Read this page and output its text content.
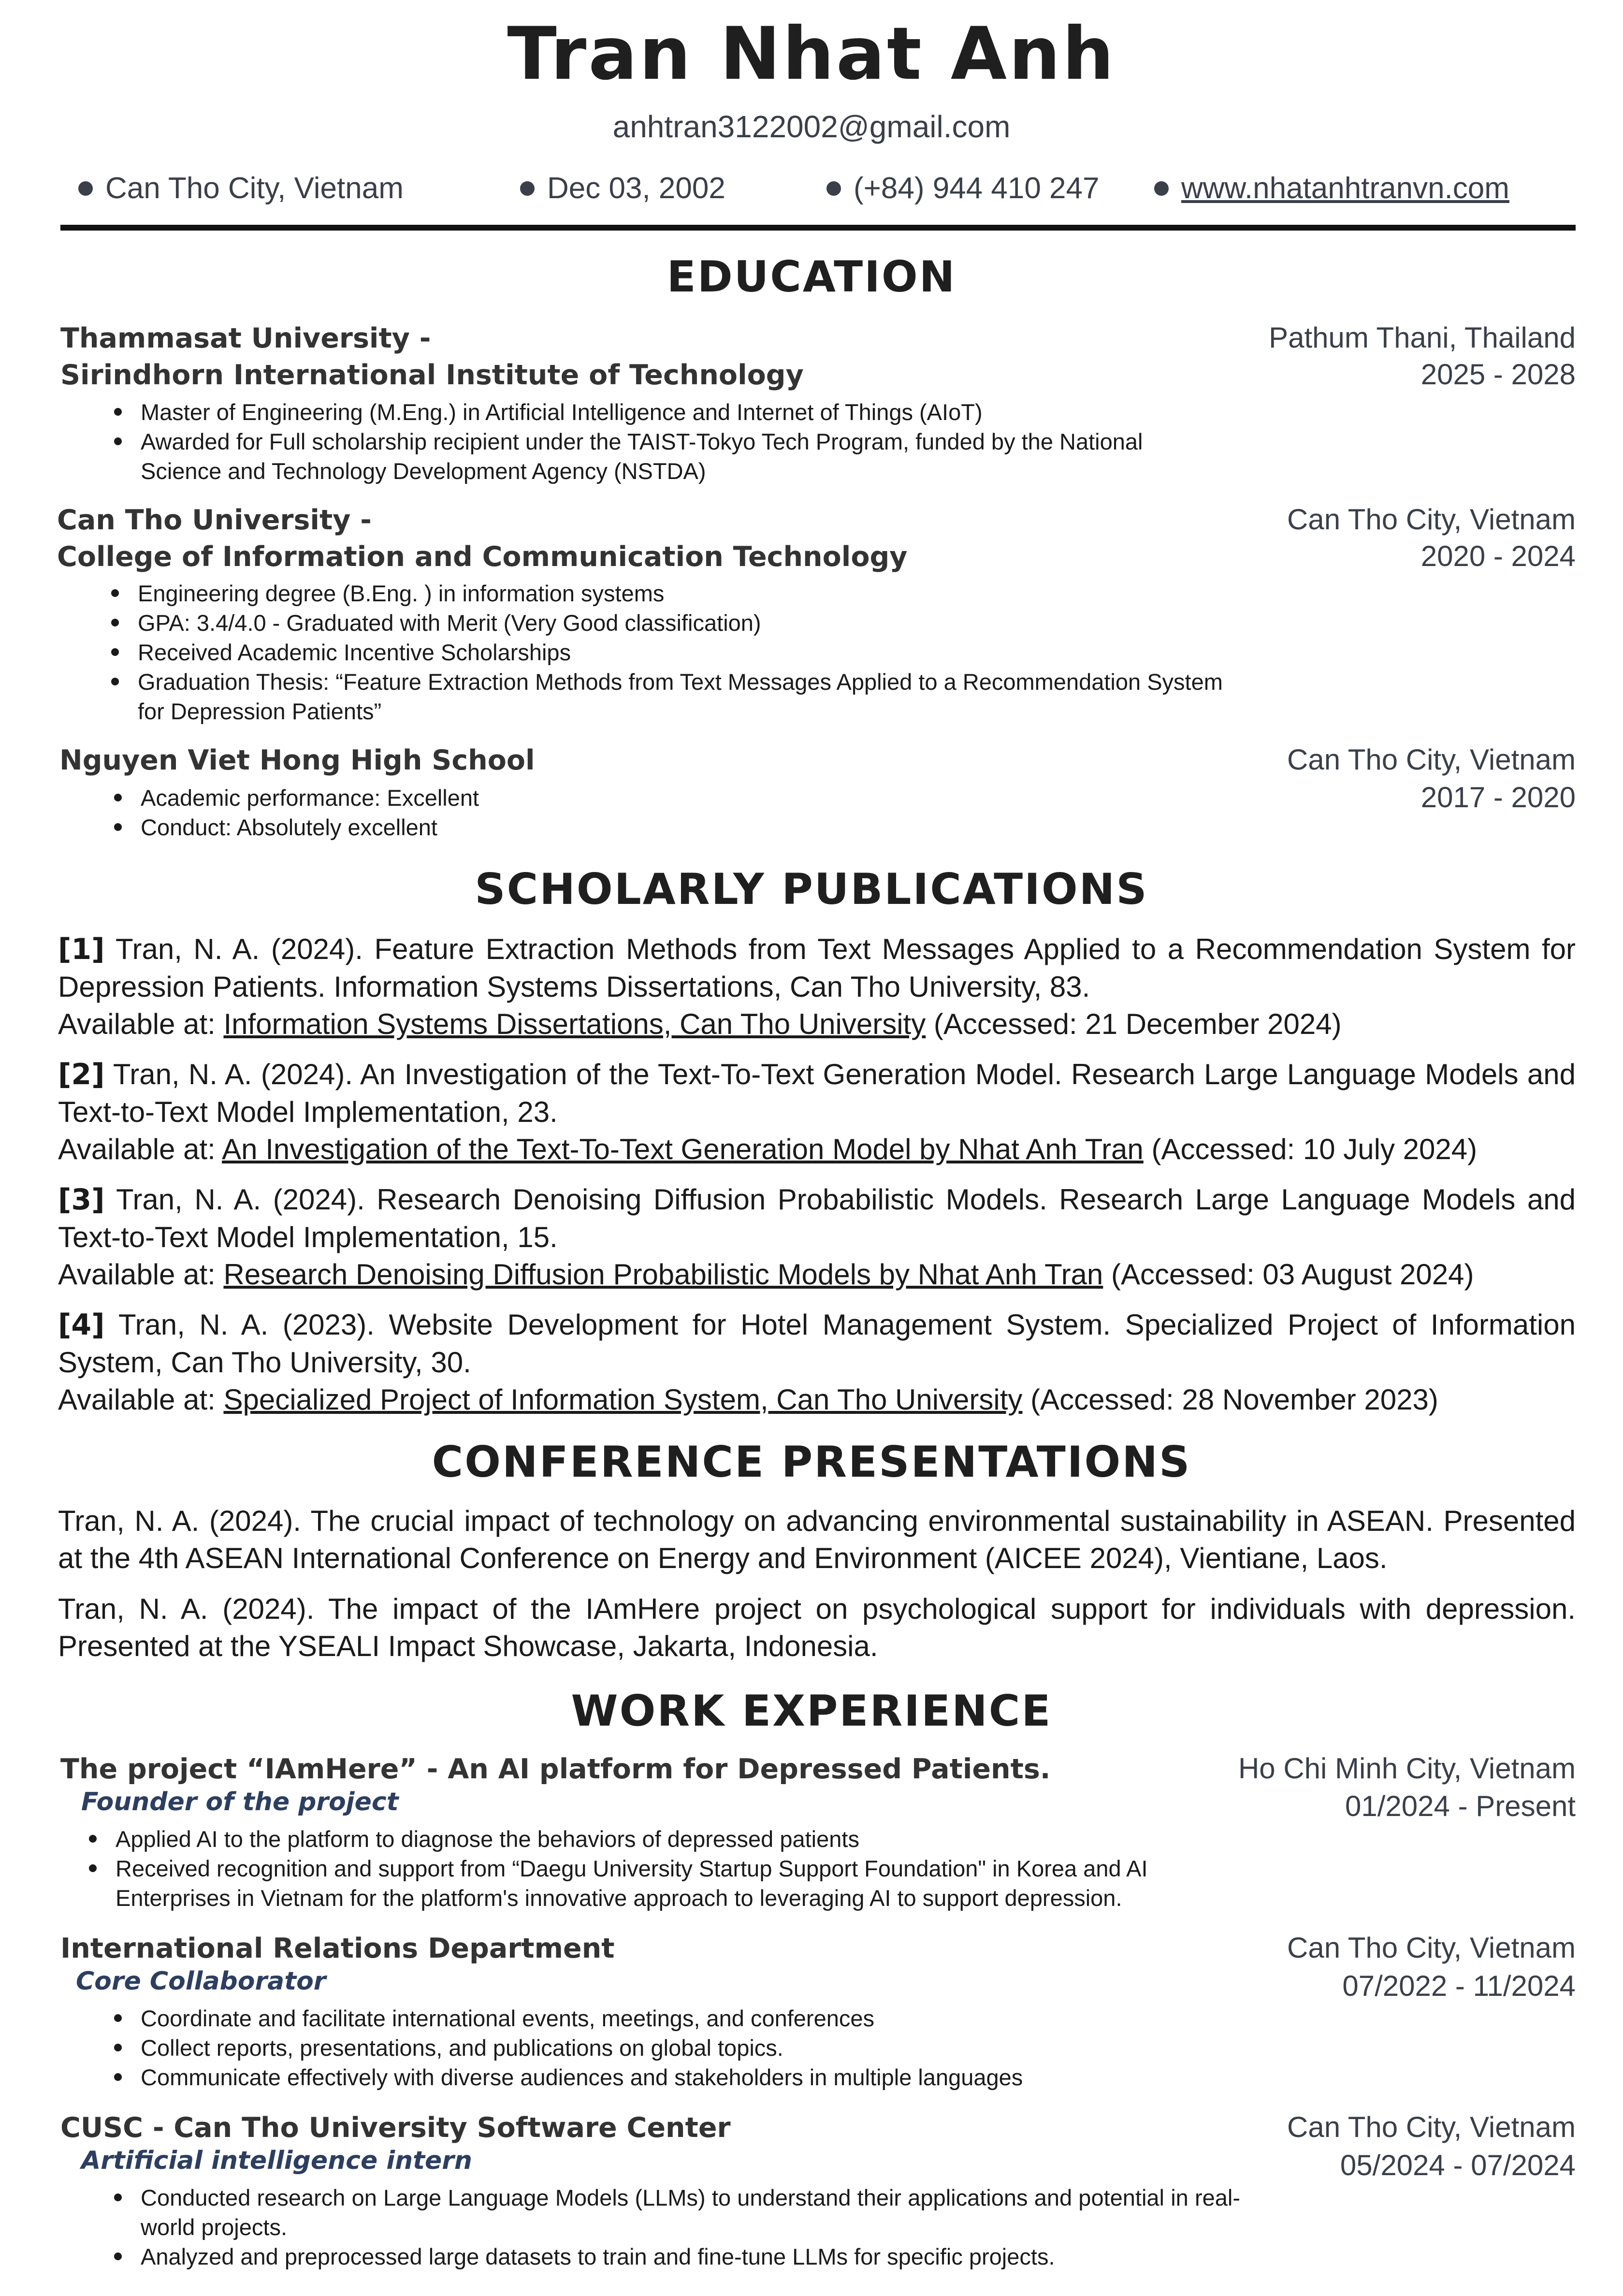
Tran Nhat Anh
anhtran3122002@gmail.com
Can Tho City, Vietnam	Dec 03, 2002	(+84) 944 410 247	www.nhatanhtranvn.com
EDUCATION
Thammasat University -
Sirindhorn International Institute of Technology
Pathum Thani, Thailand
2025 - 2028
Master of Engineering (M.Eng.) in Artificial Intelligence and Internet of Things (AIoT)
Awarded for Full scholarship recipient under the TAIST-Tokyo Tech Program, funded by the National Science and Technology Development Agency (NSTDA)
Can Tho University -
College of Information and Communication Technology
Can Tho City, Vietnam
2020 - 2024
Engineering degree (B.Eng. ) in information systems
GPA: 3.4/4.0 - Graduated with Merit (Very Good classification)
Received Academic Incentive Scholarships
Graduation Thesis: “Feature Extraction Methods from Text Messages Applied to a Recommendation System for Depression Patients”
Nguyen Viet Hong High School	Can Tho City, Vietnam
2017 - 2020
Academic performance: Excellent
Conduct: Absolutely excellent
SCHOLARLY PUBLICATIONS
[1] Tran, N. A. (2024). Feature Extraction Methods from Text Messages Applied to a Recommendation System for Depression Patients. Information Systems Dissertations, Can Tho University, 83.
Available at: Information Systems Dissertations, Can Tho University (Accessed: 21 December 2024)
[2] Tran, N. A. (2024). An Investigation of the Text-To-Text Generation Model. Research Large Language Models and Text-to-Text Model Implementation, 23.
Available at: An Investigation of the Text-To-Text Generation Model by Nhat Anh Tran (Accessed: 10 July 2024)
[3] Tran, N. A. (2024). Research Denoising Diffusion Probabilistic Models. Research Large Language Models and Text-to-Text Model Implementation, 15.
Available at: Research Denoising Diffusion Probabilistic Models by Nhat Anh Tran (Accessed: 03 August 2024)
[4] Tran, N. A. (2023). Website Development for Hotel Management System. Specialized Project of Information System, Can Tho University, 30.
Available at: Specialized Project of Information System, Can Tho University (Accessed: 28 November 2023)
CONFERENCE PRESENTATIONS
Tran, N. A. (2024). The crucial impact of technology on advancing environmental sustainability in ASEAN. Presented at the 4th ASEAN International Conference on Energy and Environment (AICEE 2024), Vientiane, Laos.
Tran, N. A. (2024). The impact of the IAmHere project on psychological support for individuals with depression. Presented at the YSEALI Impact Showcase, Jakarta, Indonesia.
WORK EXPERIENCE
The project “IAmHere” - An AI platform for Depressed Patients.
Founder of the project
Ho Chi Minh City, Vietnam
01/2024 - Present
Applied AI to the platform to diagnose the behaviors of depressed patients
Received recognition and support from “Daegu University Startup Support Foundation" in Korea and AI Enterprises in Vietnam for the platform's innovative approach to leveraging AI to support depression.
International Relations Department
Core Collaborator
Can Tho City, Vietnam
07/2022 - 11/2024
Coordinate and facilitate international events, meetings, and conferences
Collect reports, presentations, and publications on global topics.
Communicate effectively with diverse audiences and stakeholders in multiple languages
CUSC - Can Tho University Software Center
Artificial intelligence intern
Can Tho City, Vietnam
05/2024 - 07/2024
Conducted research on Large Language Models (LLMs) to understand their applications and potential in real-world projects.
Analyzed and preprocessed large datasets to train and fine-tune LLMs for specific projects.
